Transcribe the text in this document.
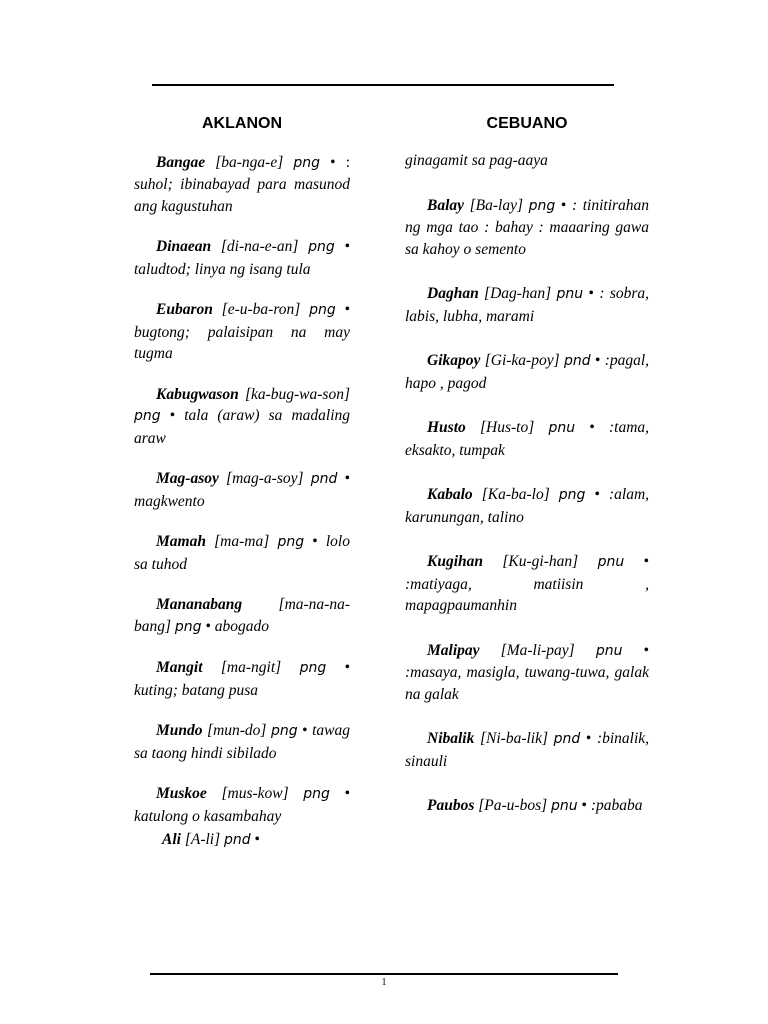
AKLANON

Bangae [ba-nga-e] png • : suhol; ibinabayad para masunod ang kagustuhan

Dinaean [di-na-e-an] png • taludtod; linya ng isang tula

Eubaron [e-u-ba-ron] png • bugtong; palaisipan na may tugma

Kabugwason [ka-bug-wa-son] png • tala (araw) sa madaling araw

Mag-asoy [mag-a-soy] pnd • magkwento

Mamah [ma-ma] png • lolo sa tuhod

Mananabang [ma-na-na-bang] png • abogado

Mangit [ma-ngit] png • kuting; batang pusa

Mundo [mun-do] png • tawag sa taong hindi sibilado

Muskoe [mus-kow] png • katulong o kasambahay

Ali [A-li] pnd •

CEBUANO

ginagamit sa pag-aaya

Balay [Ba-lay] png • : tinitirahan ng mga tao : bahay : maaaring gawa sa kahoy o semento

Daghan [Dag-han] pnu • : sobra, labis, lubha, marami

Gikapoy [Gi-ka-poy] pnd • :pagal, hapo , pagod

Husto [Hus-to] pnu • :tama, eksakto, tumpak

Kabalo [Ka-ba-lo] png • :alam, karunungan, talino

Kugihan [Ku-gi-han] pnu • :matiyaga, matiisin , mapagpaumanhin

Malipay [Ma-li-pay] pnu • :masaya, masigla, tuwang-tuwa, galak na galak

Nibalik [Ni-ba-lik] pnd • :binalik, sinauli

Paubos [Pa-u-bos] pnu • :pababa

1
